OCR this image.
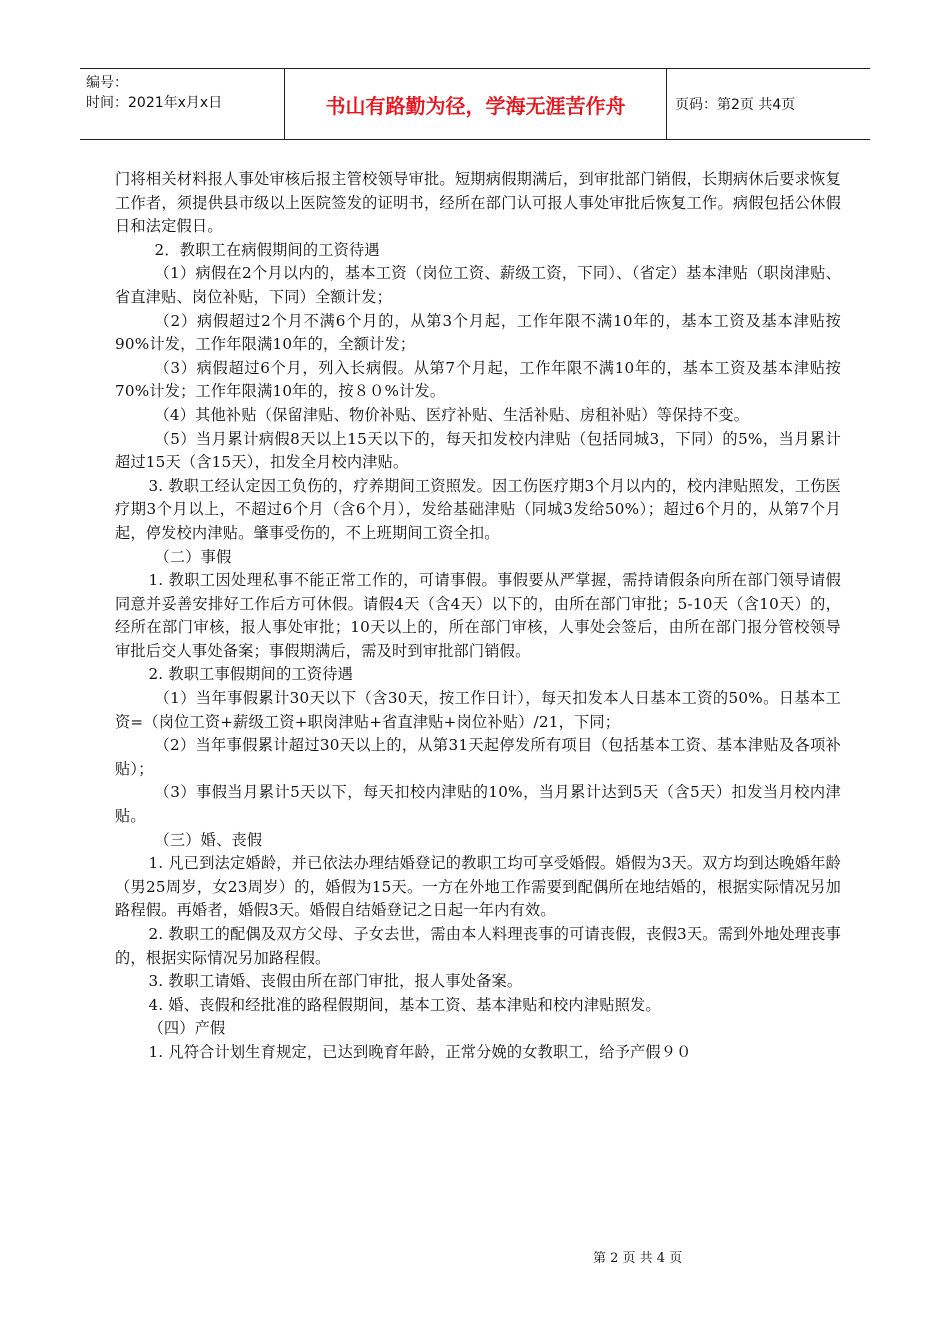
编号：
时间：2021年x月x日	书山有路勤为径，学海无涯苦作舟	页码：第2页 共4页

门将相关材料报人事处审核后报主管校领导审批。短期病假期满后，到审批部门销假，长期病休后要求恢复工作者，须提供县市级以上医院签发的证明书，经所在部门认可报人事处审批后恢复工作。病假包括公休假日和法定假日。

2．教职工在病假期间的工资待遇

（1）病假在2个月以内的，基本工资（岗位工资、薪级工资，下同）、（省定）基本津贴（职岗津贴、省直津贴、岗位补贴，下同）全额计发；

（2）病假超过2个月不满6个月的，从第3个月起，工作年限不满10年的，基本工资及基本津贴按90%计发，工作年限满10年的，全额计发；

（3）病假超过6个月，列入长病假。从第7个月起，工作年限不满10年的，基本工资及基本津贴按70%计发；工作年限满10年的，按８０%计发。

（4）其他补贴（保留津贴、物价补贴、医疗补贴、生活补贴、房租补贴）等保持不变。

（5）当月累计病假8天以上15天以下的，每天扣发校内津贴（包括同城3，下同）的5%，当月累计超过15天（含15天），扣发全月校内津贴。

3. 教职工经认定因工负伤的，疗养期间工资照发。因工伤医疗期3个月以内的，校内津贴照发，工伤医疗期3个月以上，不超过6个月（含6个月），发给基础津贴（同城3发给50%）；超过6个月的，从第7个月起，停发校内津贴。肇事受伤的，不上班期间工资全扣。

（二）事假

1. 教职工因处理私事不能正常工作的，可请事假。事假要从严掌握，需持请假条向所在部门领导请假同意并妥善安排好工作后方可休假。请假4天（含4天）以下的，由所在部门审批；5-10天（含10天）的，经所在部门审核，报人事处审批；10天以上的，所在部门审核，人事处会签后，由所在部门报分管校领导审批后交人事处备案；事假期满后，需及时到审批部门销假。

2. 教职工事假期间的工资待遇

（1）当年事假累计30天以下（含30天，按工作日计），每天扣发本人日基本工资的50%。日基本工资=（岗位工资+薪级工资+职岗津贴+省直津贴+岗位补贴）/21，下同；

（2）当年事假累计超过30天以上的，从第31天起停发所有项目（包括基本工资、基本津贴及各项补贴）；

（3）事假当月累计5天以下，每天扣校内津贴的10%，当月累计达到5天（含5天）扣发当月校内津贴。

（三）婚、丧假

1. 凡已到法定婚龄，并已依法办理结婚登记的教职工均可享受婚假。婚假为3天。双方均到达晚婚年龄（男25周岁，女23周岁）的，婚假为15天。一方在外地工作需要到配偶所在地结婚的，根据实际情况另加路程假。再婚者，婚假3天。婚假自结婚登记之日起一年内有效。

2. 教职工的配偶及双方父母、子女去世，需由本人料理丧事的可请丧假，丧假3天。需到外地处理丧事的，根据实际情况另加路程假。

3. 教职工请婚、丧假由所在部门审批，报人事处备案。

4. 婚、丧假和经批准的路程假期间，基本工资、基本津贴和校内津贴照发。

（四）产假

1. 凡符合计划生育规定，已达到晚育年龄，正常分娩的女教职工，给予产假９０

第 2 页 共 4 页
